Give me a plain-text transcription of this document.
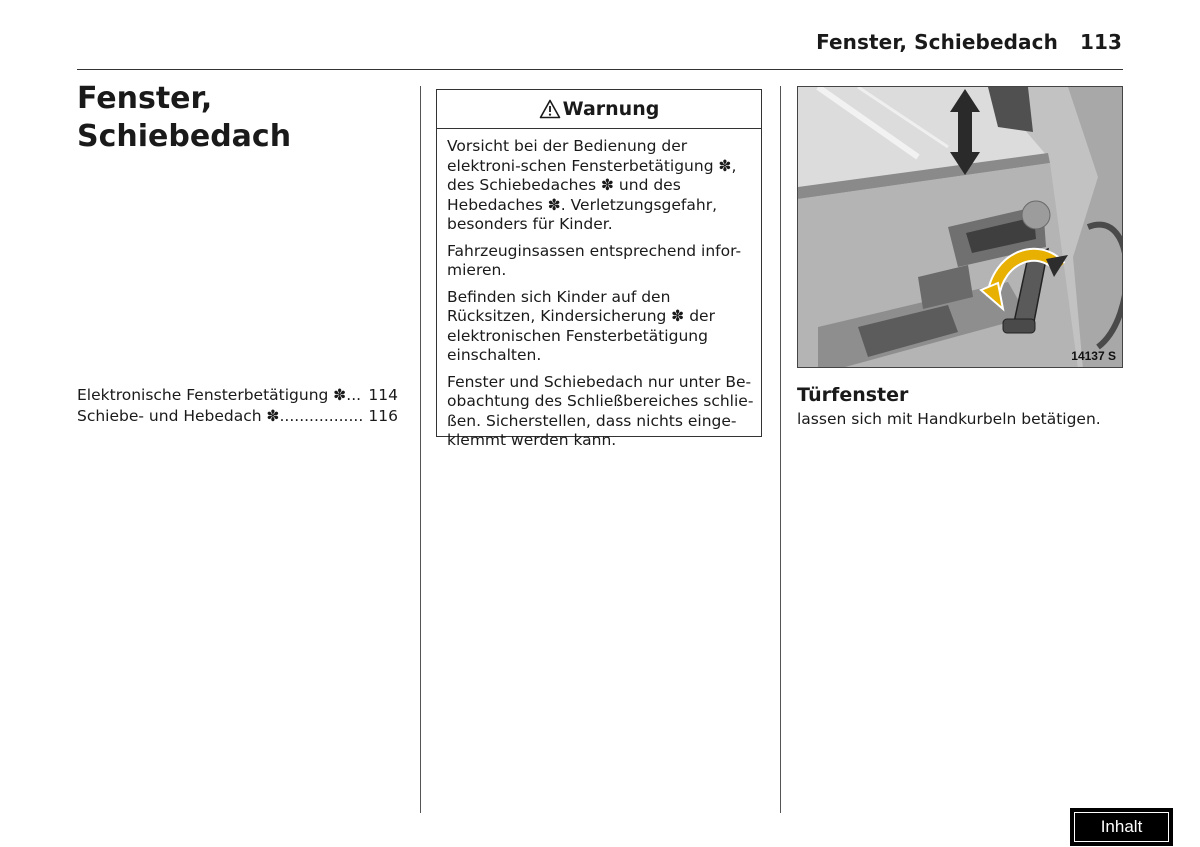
Fenster, Schiebedach 113
Fenster,
Schiebedach
Elektronische Fensterbetätigung ✽ ..... 114
Schiebe- und Hebedach ✽ .....	116
Warnung

Vorsicht bei der Bedienung der elektroni-schen Fensterbetätigung ✽, des Schiebedaches ✽ und des Hebedaches ✽. Verletzungsgefahr, besonders für Kinder.

Fahrzeuginsassen entsprechend infor-mieren.

Befinden sich Kinder auf den Rücksitzen, Kindersicherung ✽ der elektronischen Fensterbetätigung einschalten.

Fenster und Schiebedach nur unter Be-obachtung des Schließbereiches schlie-ßen. Sicherstellen, dass nichts einge-klemmt werden kann.

14137 S
Türfenster

lassen sich mit Handkurbeln betätigen.

Inhalt
